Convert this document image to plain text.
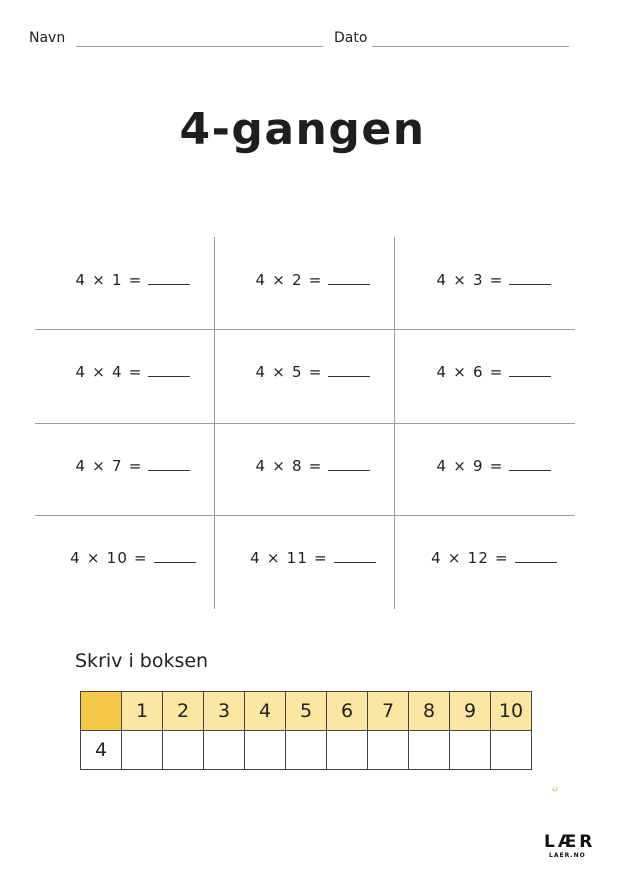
Navn	Dato
4-gangen
4 × 1 =	4 × 2 =	4 × 3 =
4 × 4 =	4 × 5 =	4 × 6 =
4 × 7 =	4 × 8 =	4 × 9 =
4 × 10 =	4 × 11 =	4 × 12 =
Skriv i boksen
	1	2	3	4	5	6	7	8	9	10
4										
ن
LÆR
LAER.NO
